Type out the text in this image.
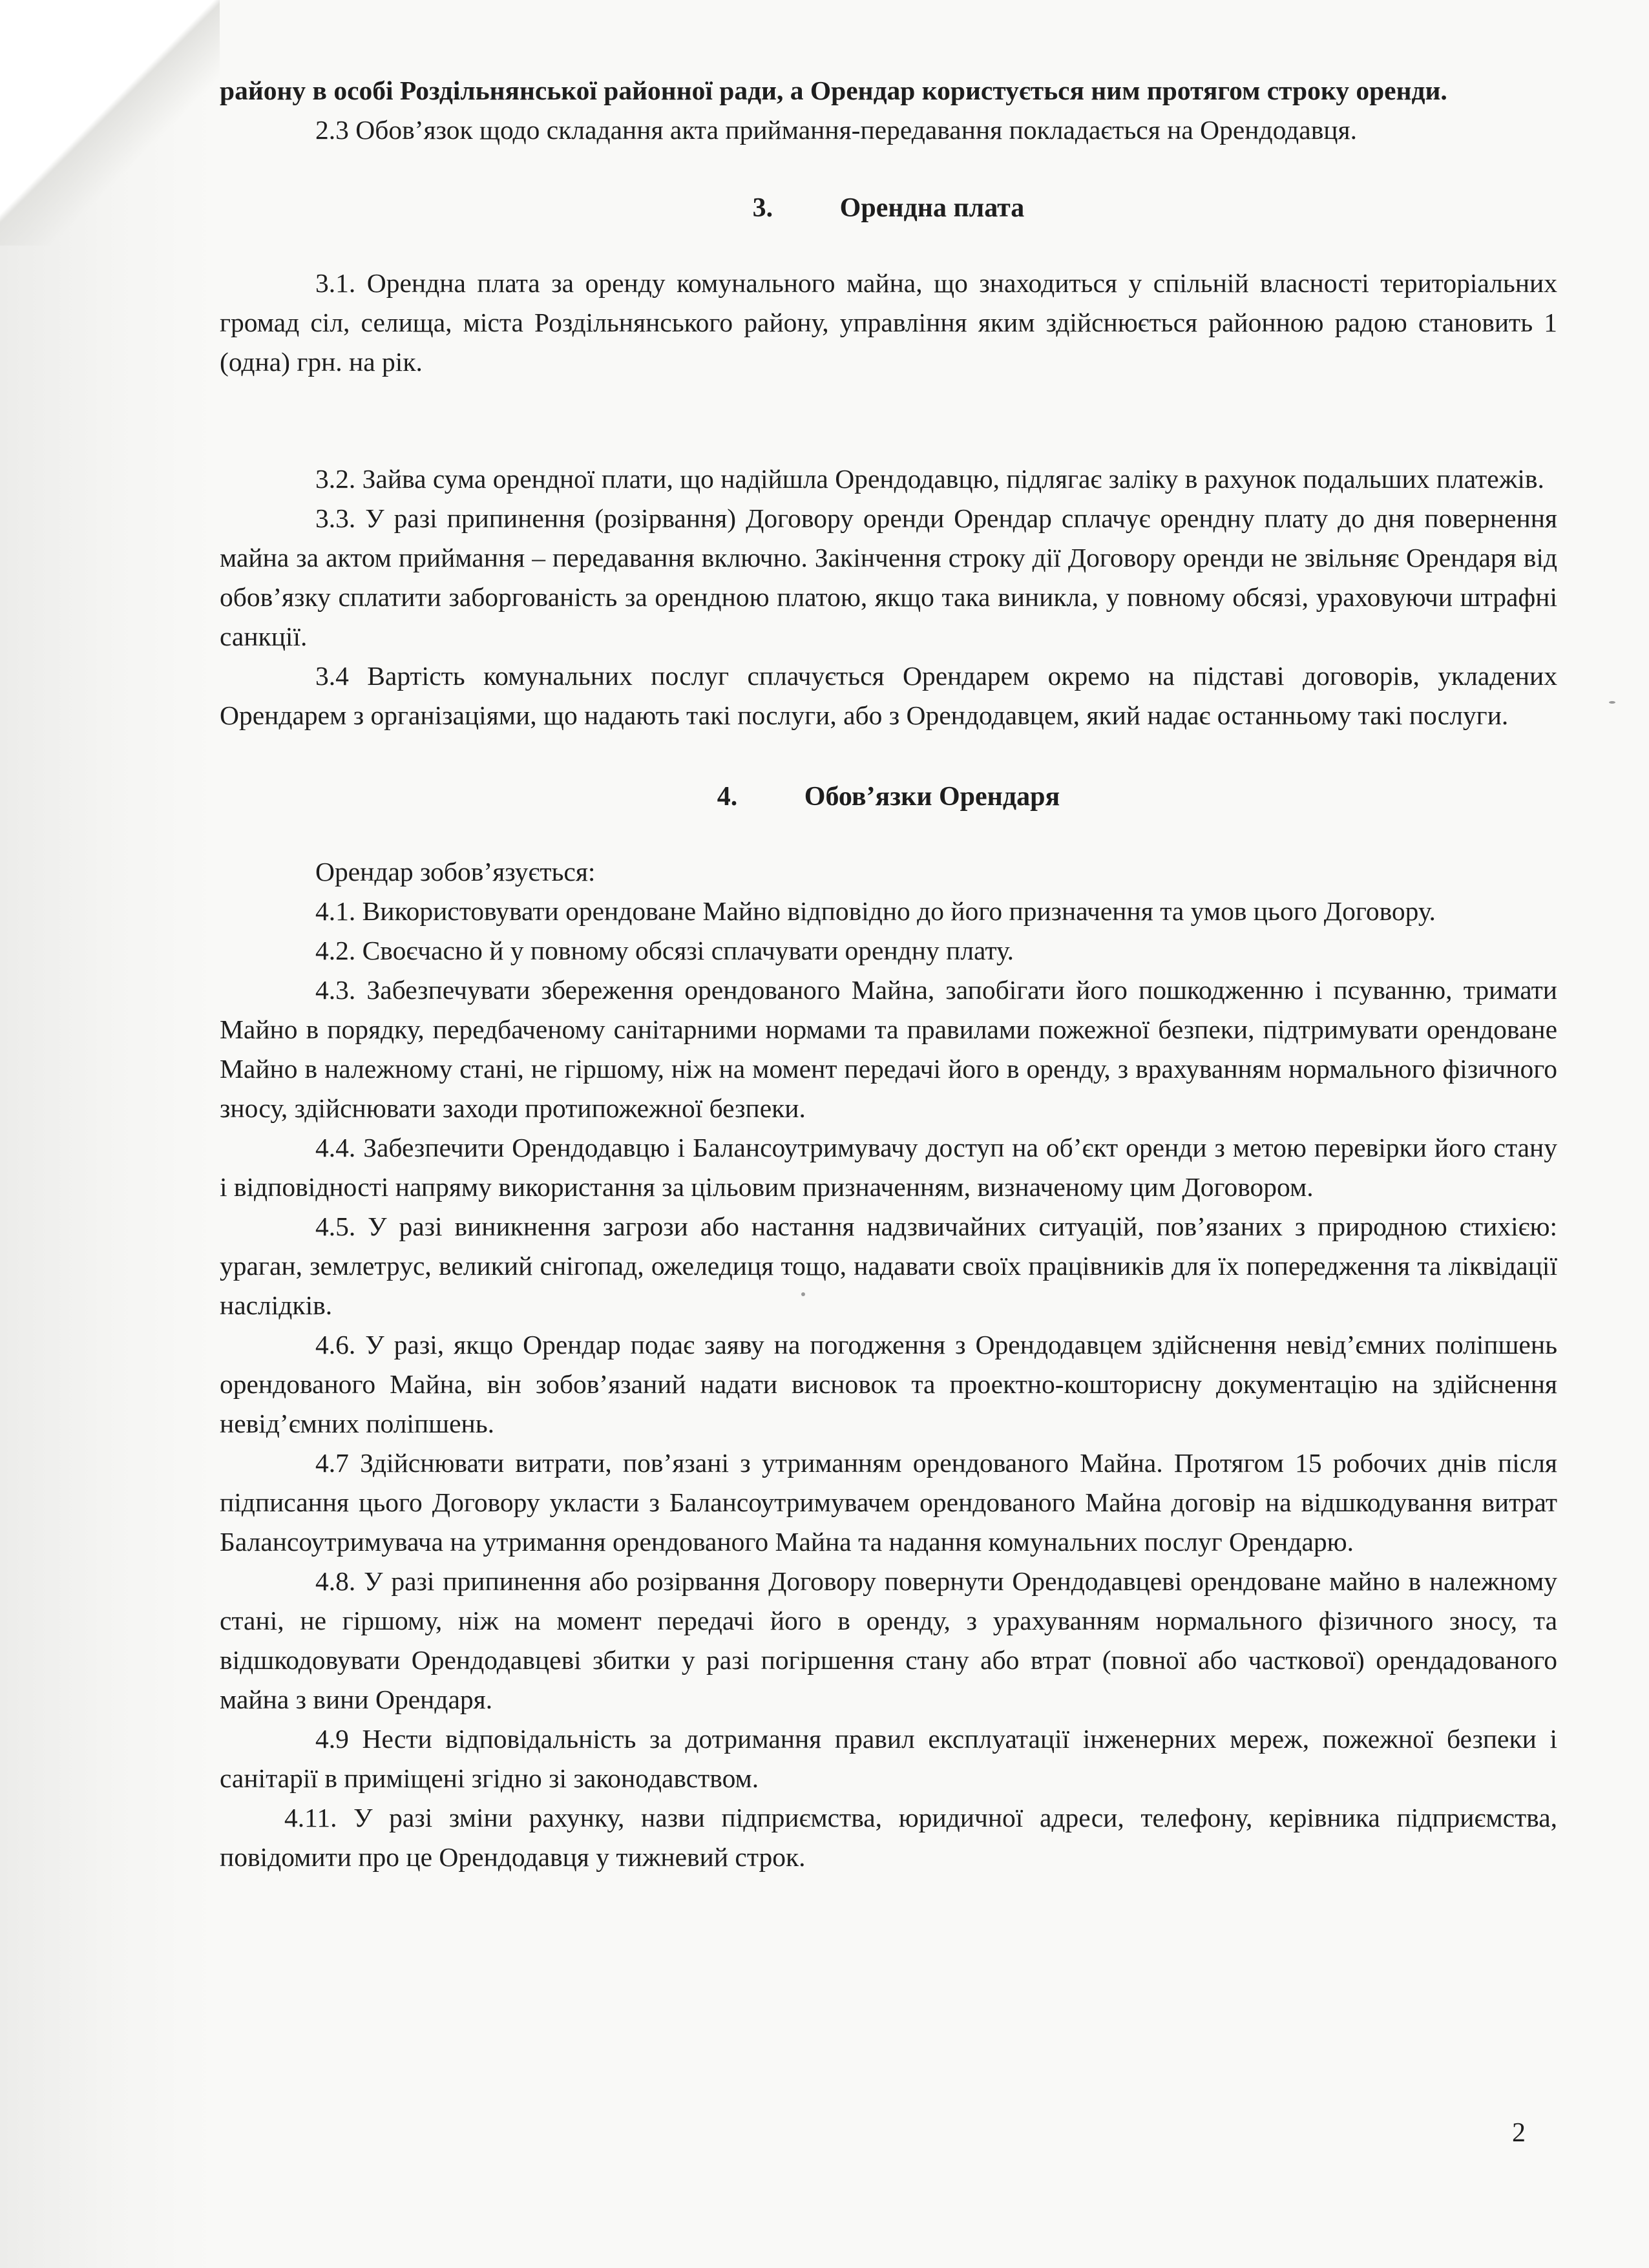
району в особі Роздільнянської районної ради, а Орендар користується ним протягом строку оренди.

2.3 Обов’язок щодо складання акта приймання-передавання покладається на Орендодавця.

3. Орендна плата

3.1. Орендна плата за оренду комунального майна, що знаходиться у спільній власності територіальних громад сіл, селища, міста Роздільнянського району, управління яким здійснюється районною радою становить 1 (одна) грн. на рік.

3.2. Зайва сума орендної плати, що надійшла Орендодавцю, підлягає заліку в рахунок подальших платежів.

3.3. У разі припинення (розірвання) Договору оренди Орендар сплачує орендну плату до дня повернення майна за актом приймання – передавання включно. Закінчення строку дії Договору оренди не звільняє Орендаря від обов’язку сплатити заборгованість за орендною платою, якщо така виникла, у повному обсязі, ураховуючи штрафні санкції.

3.4 Вартість комунальних послуг сплачується Орендарем окремо на підставі договорів, укладених Орендарем з організаціями, що надають такі послуги, або з Орендодавцем, який надає останньому такі послуги.

4. Обов’язки Орендаря

Орендар зобов’язується:

4.1. Використовувати орендоване Майно відповідно до його призначення та умов цього Договору.

4.2. Своєчасно й у повному обсязі сплачувати орендну плату.

4.3. Забезпечувати збереження орендованого Майна, запобігати його пошкодженню і псуванню, тримати Майно в порядку, передбаченому санітарними нормами та правилами пожежної безпеки, підтримувати орендоване Майно в належному стані, не гіршому, ніж на момент передачі його в оренду, з врахуванням нормального фізичного зносу, здійснювати заходи протипожежної безпеки.

4.4. Забезпечити Орендодавцю і Балансоутримувачу доступ на об’єкт оренди з метою перевірки його стану і відповідності напряму використання за цільовим призначенням, визначеному цим Договором.

4.5. У разі виникнення загрози або настання надзвичайних ситуацій, пов’язаних з природною стихією: ураган, землетрус, великий снігопад, ожеледиця тощо, надавати своїх працівників для їх попередження та ліквідації наслідків.

4.6. У разі, якщо Орендар подає заяву на погодження з Орендодавцем здійснення невід’ємних поліпшень орендованого Майна, він зобов’язаний надати висновок та проектно-кошторисну документацію на здійснення невід’ємних поліпшень.

4.7 Здійснювати витрати, пов’язані з утриманням орендованого Майна. Протягом 15 робочих днів після підписання цього Договору укласти з Балансоутримувачем орендованого Майна договір на відшкодування витрат Балансоутримувача на утримання орендованого Майна та надання комунальних послуг Орендарю.

4.8. У разі припинення або розірвання Договору повернути Орендодавцеві орендоване майно в належному стані, не гіршому, ніж на момент передачі його в оренду, з урахуванням нормального фізичного зносу, та відшкодовувати Орендодавцеві збитки у разі погіршення стану або втрат (повної або часткової) орендадованого майна з вини Орендаря.

4.9 Нести відповідальність за дотримання правил експлуатації інженерних мереж, пожежної безпеки і санітарії в приміщені згідно зі законодавством.

4.11. У разі зміни рахунку, назви підприємства, юридичної адреси, телефону, керівника підприємства, повідомити про це Орендодавця у тижневий строк.

2
